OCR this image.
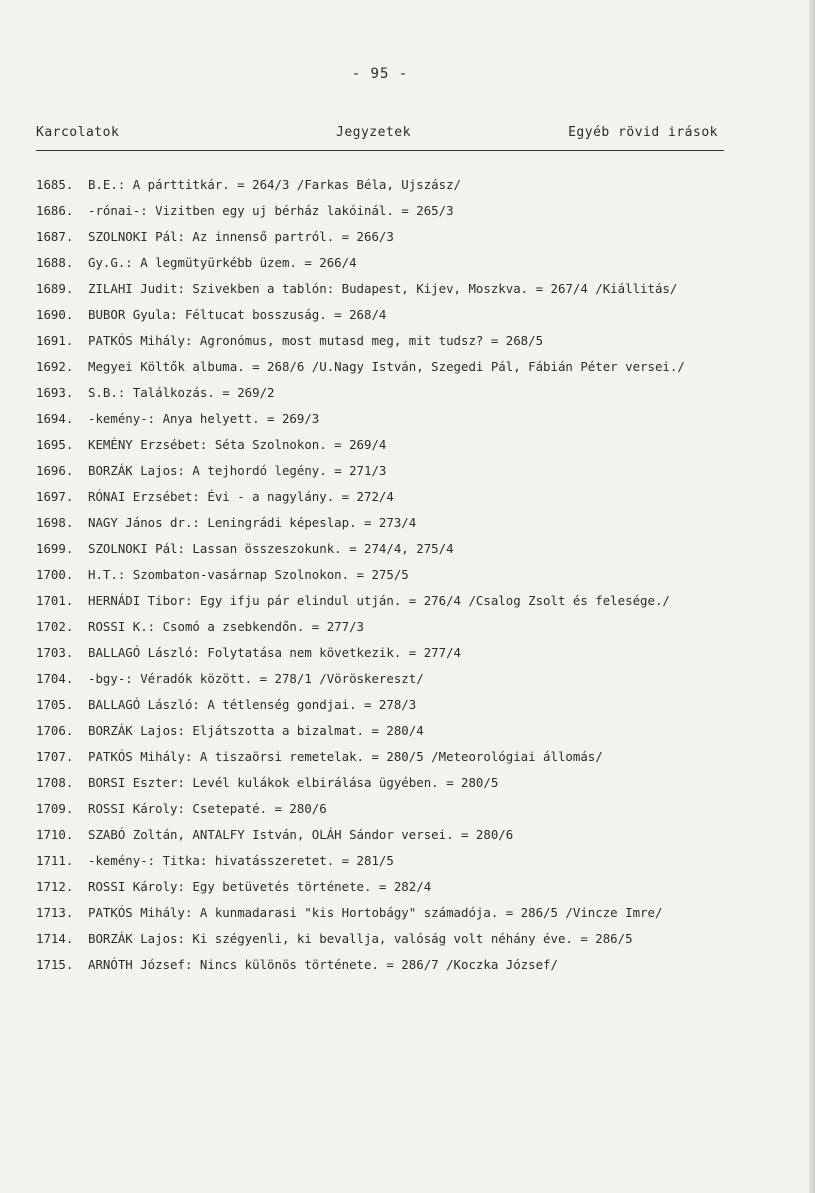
- 95 -
Karcolatok	Jegyzetek	Egyéb rövid irások
1685. B.E.: A párttitkár. = 264/3 /Farkas Béla, Ujszász/
1686. -rónai-: Vizitben egy uj bérház lakóinál. = 265/3
1687. SZOLNOKI Pál: Az innenső partról. = 266/3
1688. Gy.G.: A legmütyürkébb üzem. = 266/4
1689. ZILAHI Judit: Szivekben a tablón: Budapest, Kijev, Moszkva. = 267/4 /Kiállitás/
1690. BUBOR Gyula: Féltucat bosszuság. = 268/4
1691. PATKÓS Mihály: Agronómus, most mutasd meg, mit tudsz? = 268/5
1692. Megyei Költők albuma. = 268/6 /U.Nagy István, Szegedi Pál, Fábián Péter versei./
1693. S.B.: Találkozás. = 269/2
1694. -kemény-: Anya helyett. = 269/3
1695. KEMÉNY Erzsébet: Séta Szolnokon. = 269/4
1696. BORZÁK Lajos: A tejhordó legény. = 271/3
1697. RÓNAI Erzsébet: Évi - a nagylány. = 272/4
1698. NAGY János dr.: Leningrádi képeslap. = 273/4
1699. SZOLNOKI Pál: Lassan összeszokunk. = 274/4, 275/4
1700. H.T.: Szombaton-vasárnap Szolnokon. = 275/5
1701. HERNÁDI Tibor: Egy ifju pár elindul utján. = 276/4 /Csalog Zsolt és felesége./
1702. ROSSI K.: Csomó a zsebkendőn. = 277/3
1703. BALLAGÓ László: Folytatása nem következik. = 277/4
1704. -bgy-: Véradók között. = 278/1 /Vöröskereszt/
1705. BALLAGÓ László: A tétlenség gondjai. = 278/3
1706. BORZÁK Lajos: Eljátszotta a bizalmat. = 280/4
1707. PATKÓS Mihály: A tiszaörsi remetelak. = 280/5 /Meteorológiai állomás/
1708. BORSI Eszter: Levél kulákok elbirálása ügyében. = 280/5
1709. ROSSI Károly: Csetepaté. = 280/6
1710. SZABÓ Zoltán, ANTALFY István, OLÁH Sándor versei. = 280/6
1711. -kemény-: Titka: hivatásszeretet. = 281/5
1712. ROSSI Károly: Egy betüvetés története. = 282/4
1713. PATKÓS Mihály: A kunmadarasi "kis Hortobágy" számadója. = 286/5 /Vincze Imre/
1714. BORZÁK Lajos: Ki szégyenli, ki bevallja, valóság volt néhány éve. = 286/5
1715. ARNÓTH József: Nincs különös története. = 286/7 /Koczka József/
